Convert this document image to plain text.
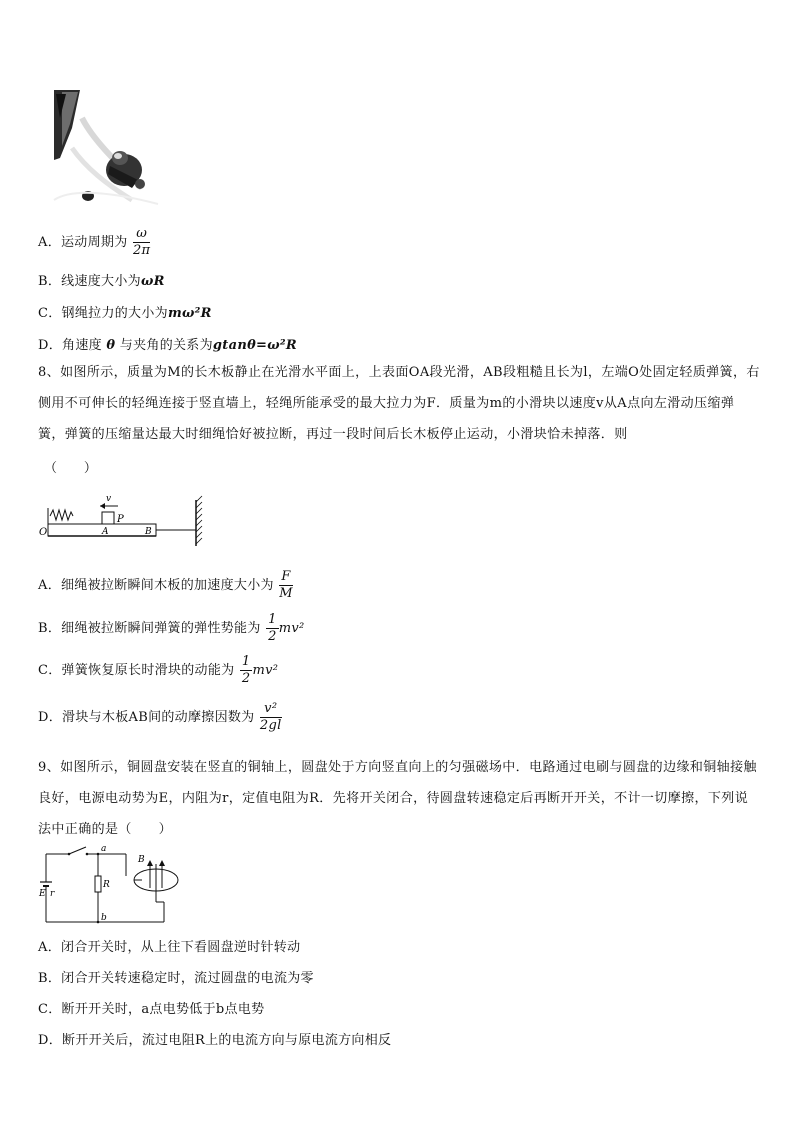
A．运动周期为 $\frac{\omega}{2\pi}$
B．线速度大小为ωR
C．钢绳拉力的大小为mω²R
D．角速度 θ 与夹角的关系为gtanθ=ω²R
8、如图所示，质量为M的长木板静止在光滑水平面上，上表面OA段光滑，AB段粗糙且长为l，左端O处固定轻质弹簧，右侧用不可伸长的轻绳连接于竖直墙上，轻绳所能承受的最大拉力为F．质量为m的小滑块以速度v从A点向左滑动压缩弹簧，弹簧的压缩量达最大时细绳恰好被拉断，再过一段时间后长木板停止运动，小滑块恰未掉落．则
（　　）
O	A	B
P
v
A．细绳被拉断瞬间木板的加速度大小为 $\frac{F}{M}$
B．细绳被拉断瞬间弹簧的弹性势能为 $\frac{1}{2} mv^2$
C．弹簧恢复原长时滑块的动能为 $\frac{1}{2} mv^2$
D．滑块与木板AB间的动摩擦因数为 $\frac{\text{v²}}{2gl}$
9、如图所示，铜圆盘安装在竖直的铜轴上，圆盘处于方向竖直向上的匀强磁场中．电路通过电刷与圆盘的边缘和铜轴接触良好，电源电动势为E，内阻为r，定值电阻为R．先将开关闭合，待圆盘转速稳定后再断开开关，不计一切摩擦，下列说法中正确的是（　　）
a
b
E r
R
B
A．闭合开关时，从上往下看圆盘逆时针转动
B．闭合开关转速稳定时，流过圆盘的电流为零
C．断开开关时，a点电势低于b点电势
D．断开开关后，流过电阻R上的电流方向与原电流方向相反
